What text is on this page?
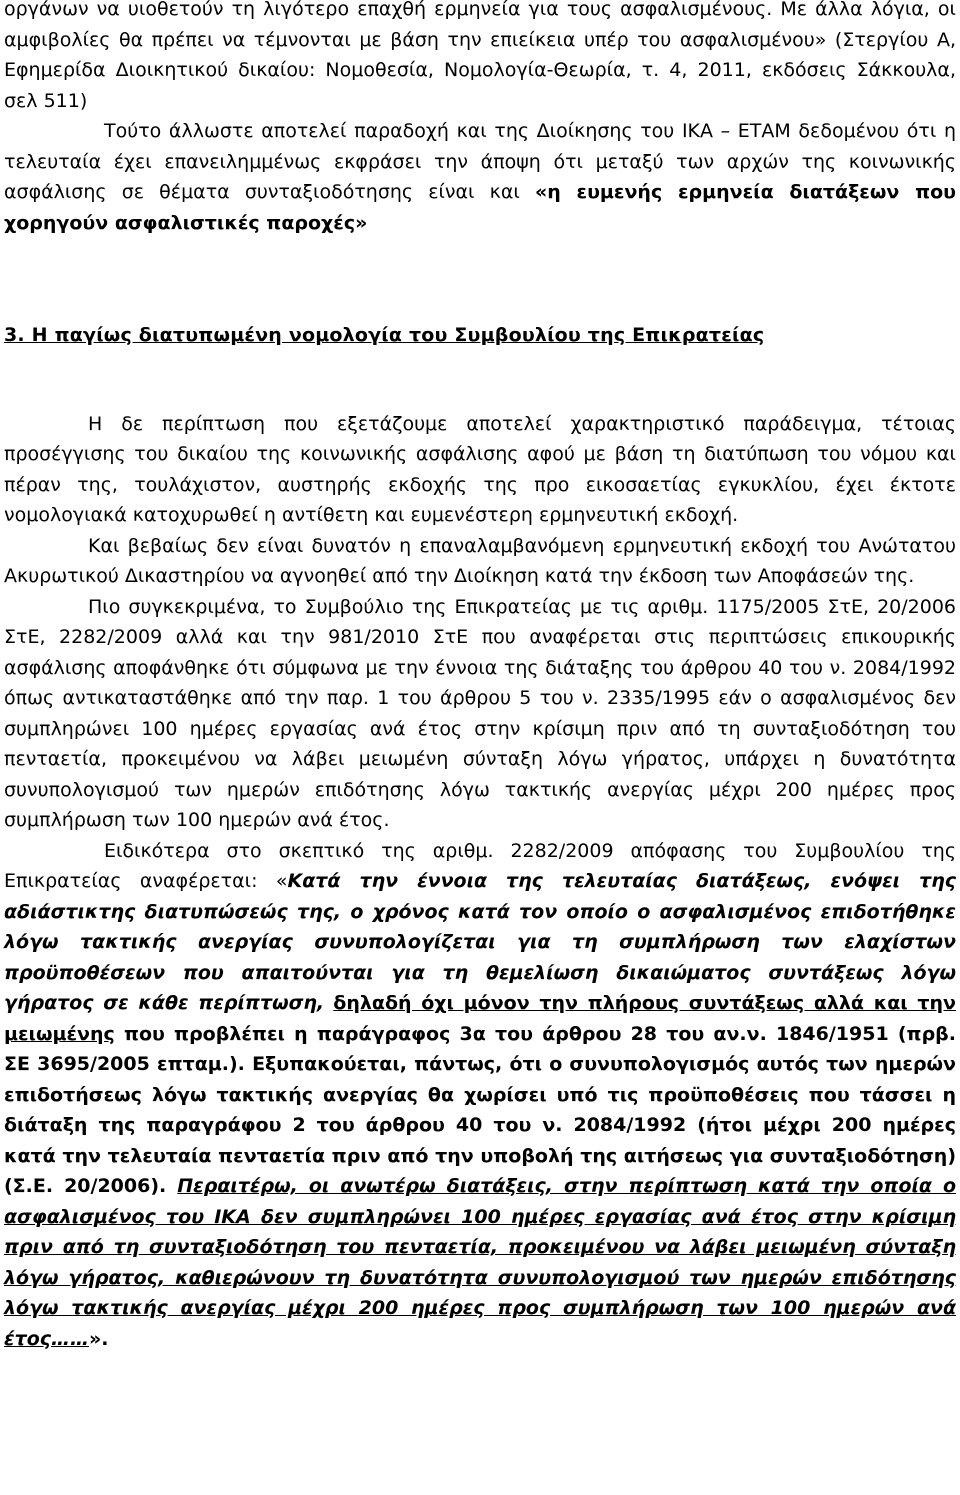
οργάνων να υιοθετούν τη λιγότερο επαχθή ερμηνεία για τους ασφαλισμένους. Με άλλα λόγια, οι αμφιβολίες θα πρέπει να τέμνονται με βάση την επιείκεια υπέρ του ασφαλισμένου» (Στεργίου Α, Εφημερίδα Διοικητικού δικαίου: Νομοθεσία, Νομολογία-Θεωρία, τ. 4, 2011, εκδόσεις Σάκκουλα, σελ 511)

Τούτο άλλωστε αποτελεί παραδοχή και της Διοίκησης του ΙΚΑ – ΕΤΑΜ δεδομένου ότι η τελευταία έχει επανειλημμένως εκφράσει την άποψη ότι μεταξύ των αρχών της κοινωνικής ασφάλισης σε θέματα συνταξιοδότησης είναι και «η ευμενής ερμηνεία διατάξεων που χορηγούν ασφαλιστικές παροχές»

3. Η παγίως διατυπωμένη νομολογία του Συμβουλίου της Επικρατείας

Η δε περίπτωση που εξετάζουμε αποτελεί χαρακτηριστικό παράδειγμα, τέτοιας προσέγγισης του δικαίου της κοινωνικής ασφάλισης αφού με βάση τη διατύπωση του νόμου και πέραν της, τουλάχιστον, αυστηρής εκδοχής της προ εικοσαετίας εγκυκλίου, έχει έκτοτε νομολογιακά κατοχυρωθεί η αντίθετη και ευμενέστερη ερμηνευτική εκδοχή.

Και βεβαίως δεν είναι δυνατόν η επαναλαμβανόμενη ερμηνευτική εκδοχή του Ανώτατου Ακυρωτικού Δικαστηρίου να αγνοηθεί από την Διοίκηση κατά την έκδοση των Αποφάσεών της.

Πιο συγκεκριμένα, το Συμβούλιο της Επικρατείας με τις αριθμ. 1175/2005 ΣτΕ, 20/2006 ΣτΕ, 2282/2009 αλλά και την 981/2010 ΣτΕ που αναφέρεται στις περιπτώσεις επικουρικής ασφάλισης αποφάνθηκε ότι σύμφωνα με την έννοια της διάταξης του άρθρου 40 του ν. 2084/1992 όπως αντικαταστάθηκε από την παρ. 1 του άρθρου 5 του ν. 2335/1995 εάν ο ασφαλισμένος δεν συμπληρώνει 100 ημέρες εργασίας ανά έτος στην κρίσιμη πριν από τη συνταξιοδότηση του πενταετία, προκειμένου να λάβει μειωμένη σύνταξη λόγω γήρατος, υπάρχει η δυνατότητα συνυπολογισμού των ημερών επιδότησης λόγω τακτικής ανεργίας μέχρι 200 ημέρες προς συμπλήρωση των 100 ημερών ανά έτος.

Ειδικότερα στο σκεπτικό της αριθμ. 2282/2009 απόφασης του Συμβουλίου της Επικρατείας αναφέρεται: «Κατά την έννοια της τελευταίας διατάξεως, ενόψει της αδιάστικτης διατυπώσεώς της, ο χρόνος κατά τον οποίο ο ασφαλισμένος επιδοτήθηκε λόγω τακτικής ανεργίας συνυπολογίζεται για τη συμπλήρωση των ελαχίστων προϋποθέσεων που απαιτούνται για τη θεμελίωση δικαιώματος συντάξεως λόγω γήρατος σε κάθε περίπτωση, δηλαδή όχι μόνον την πλήρους συντάξεως αλλά και την μειωμένης που προβλέπει η παράγραφος 3α του άρθρου 28 του αν.ν. 1846/1951 (πρβ. ΣΕ 3695/2005 επταμ.). Εξυπακούεται, πάντως, ότι ο συνυπολογισμός αυτός των ημερών επιδοτήσεως λόγω τακτικής ανεργίας θα χωρίσει υπό τις προϋποθέσεις που τάσσει η διάταξη της παραγράφου 2 του άρθρου 40 του ν. 2084/1992 (ήτοι μέχρι 200 ημέρες κατά την τελευταία πενταετία πριν από την υποβολή της αιτήσεως για συνταξιοδότηση) (Σ.Ε. 20/2006). Περαιτέρω, οι ανωτέρω διατάξεις, στην περίπτωση κατά την οποία ο ασφαλισμένος του ΙΚΑ δεν συμπληρώνει 100 ημέρες εργασίας ανά έτος στην κρίσιμη πριν από τη συνταξιοδότηση του πενταετία, προκειμένου να λάβει μειωμένη σύνταξη λόγω γήρατος, καθιερώνουν τη δυνατότητα συνυπολογισμού των ημερών επιδότησης λόγω τακτικής ανεργίας μέχρι 200 ημέρες προς συμπλήρωση των 100 ημερών ανά έτος……».
